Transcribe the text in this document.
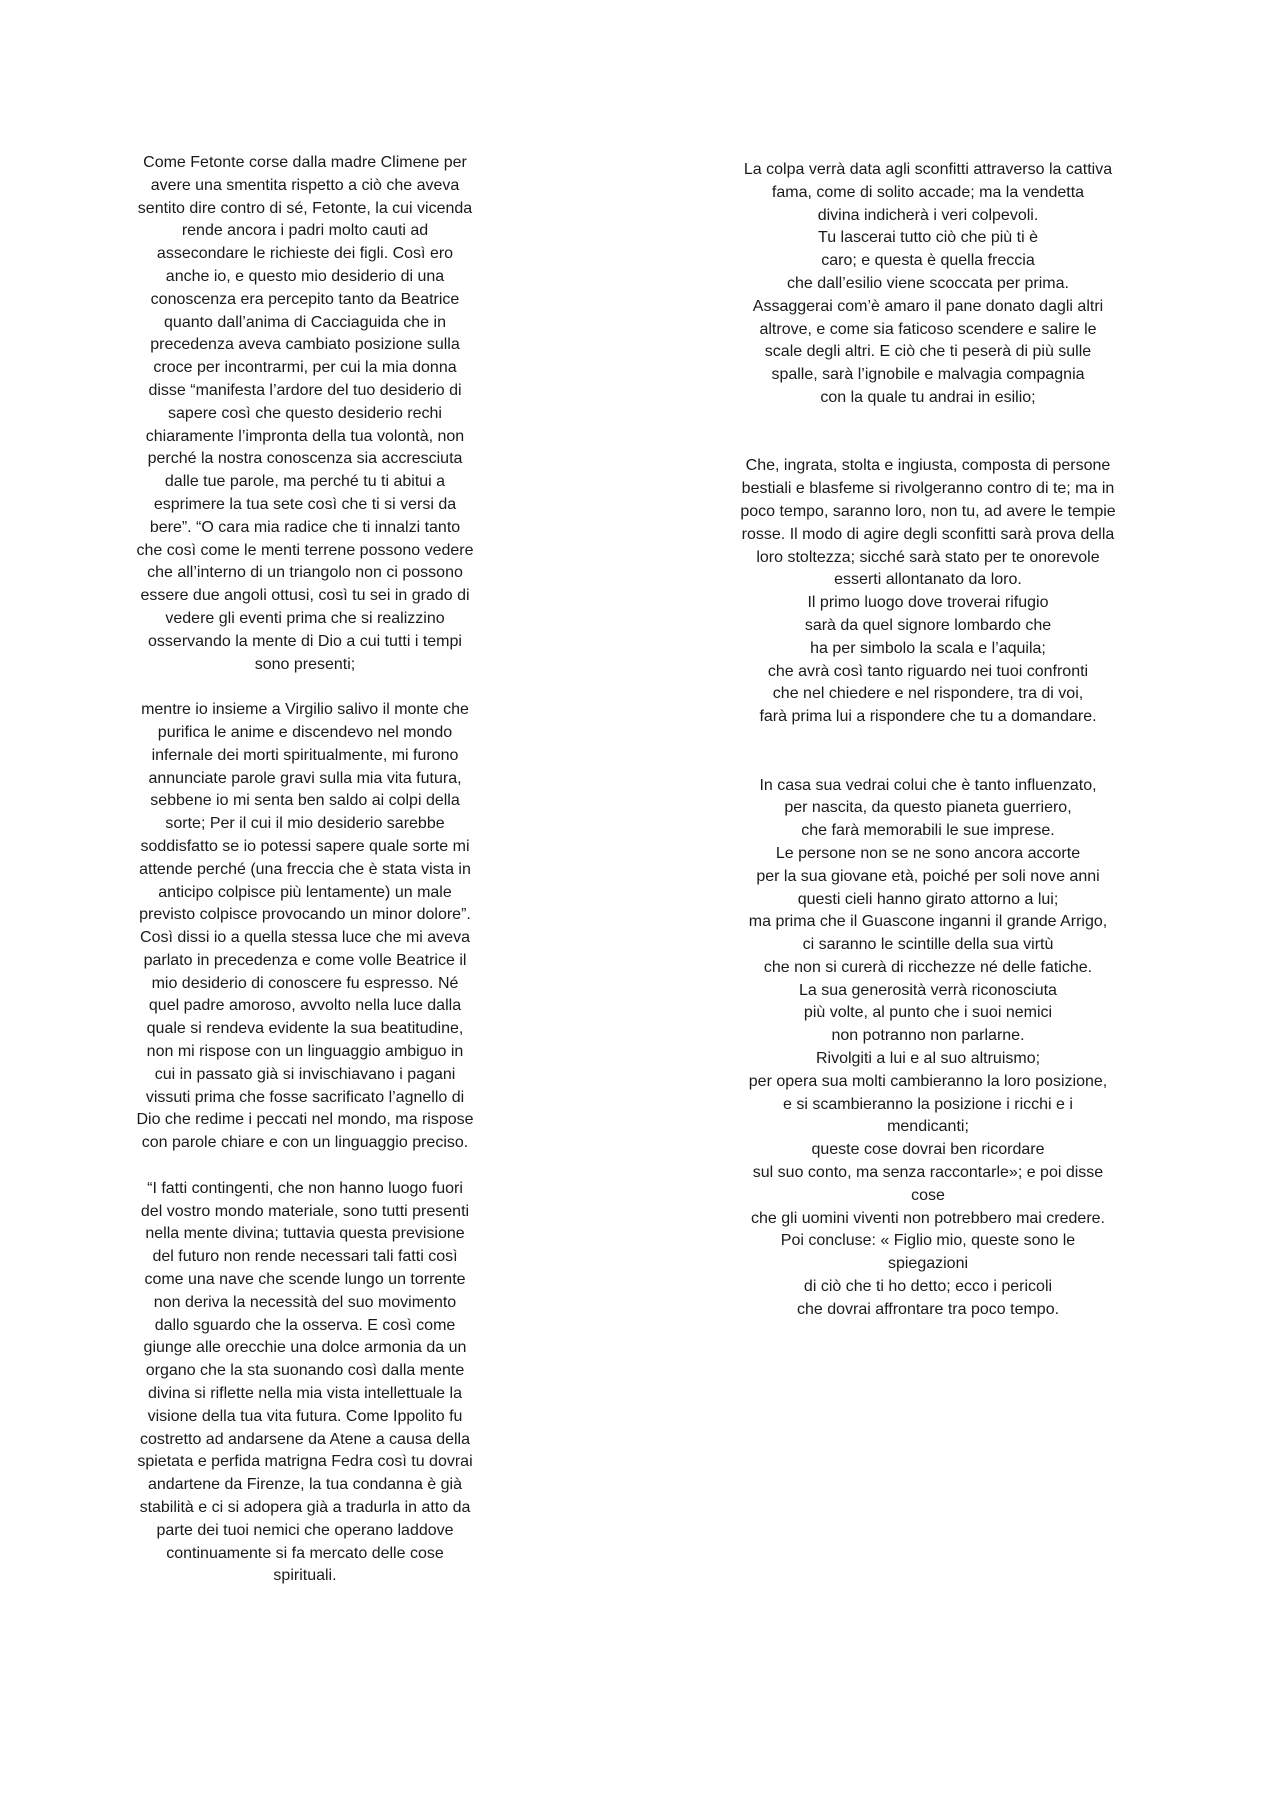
Come Fetonte corse dalla madre Climene per
avere una smentita rispetto a ciò che aveva
sentito dire contro di sé, Fetonte, la cui vicenda
rende ancora i padri molto cauti ad
assecondare le richieste dei figli. Così ero
anche io, e questo mio desiderio di una
conoscenza era percepito tanto da Beatrice
quanto dall’anima di Cacciaguida che in
precedenza aveva cambiato posizione sulla
croce per incontrarmi, per cui la mia donna
disse “manifesta l’ardore del tuo desiderio di
sapere così che questo desiderio rechi
chiaramente l’impronta della tua volontà, non
perché la nostra conoscenza sia accresciuta
dalle tue parole, ma perché tu ti abitui a
esprimere la tua sete così che ti si versi da
bere”. “O cara mia radice che ti innalzi tanto
che così come le menti terrene possono vedere
che all’interno di un triangolo non ci possono
essere due angoli ottusi, così tu sei in grado di
vedere gli eventi prima che si realizzino
osservando la mente di Dio a cui tutti i tempi
sono presenti;

mentre io insieme a Virgilio salivo il monte che
purifica le anime e discendevo nel mondo
infernale dei morti spiritualmente, mi furono
annunciate parole gravi sulla mia vita futura,
sebbene io mi senta ben saldo ai colpi della
sorte; Per il cui il mio desiderio sarebbe
soddisfatto se io potessi sapere quale sorte mi
attende perché (una freccia che è stata vista in
anticipo colpisce più lentamente) un male
previsto colpisce provocando un minor dolore”.
Così dissi io a quella stessa luce che mi aveva
parlato in precedenza e come volle Beatrice il
mio desiderio di conoscere fu espresso. Né
quel padre amoroso, avvolto nella luce dalla
quale si rendeva evidente la sua beatitudine,
non mi rispose con un linguaggio ambiguo in
cui in passato già si invischiavano i pagani
vissuti prima che fosse sacrificato l’agnello di
Dio che redime i peccati nel mondo, ma rispose
con parole chiare e con un linguaggio preciso.

“I fatti contingenti, che non hanno luogo fuori
del vostro mondo materiale, sono tutti presenti
nella mente divina; tuttavia questa previsione
del futuro non rende necessari tali fatti così
come una nave che scende lungo un torrente
non deriva la necessità del suo movimento
dallo sguardo che la osserva. E così come
giunge alle orecchie una dolce armonia da un
organo che la sta suonando così dalla mente
divina si riflette nella mia vista intellettuale la
visione della tua vita futura. Come Ippolito fu
costretto ad andarsene da Atene a causa della
spietata e perfida matrigna Fedra così tu dovrai
andartene da Firenze, la tua condanna è già
stabilità e ci si adopera già a tradurla in atto da
parte dei tuoi nemici che operano laddove
continuamente si fa mercato delle cose
spirituali.

La colpa verrà data agli sconfitti attraverso la cattiva
fama, come di solito accade; ma la vendetta
divina indicherà i veri colpevoli.
Tu lascerai tutto ciò che più ti è
caro; e questa è quella freccia
che dall’esilio viene scoccata per prima.
Assaggerai com’è amaro il pane donato dagli altri
altrove, e come sia faticoso scendere e salire le
scale degli altri. E ciò che ti peserà di più sulle
spalle, sarà l’ignobile e malvagia compagnia
con la quale tu andrai in esilio;

Che, ingrata, stolta e ingiusta, composta di persone
bestiali e blasfeme si rivolgeranno contro di te; ma in
poco tempo, saranno loro, non tu, ad avere le tempie
rosse. Il modo di agire degli sconfitti sarà prova della
loro stoltezza; sicché sarà stato per te onorevole
esserti allontanato da loro.
Il primo luogo dove troverai rifugio
sarà da quel signore lombardo che
ha per simbolo la scala e l’aquila;
che avrà così tanto riguardo nei tuoi confronti
che nel chiedere e nel rispondere, tra di voi,
farà prima lui a rispondere che tu a domandare.

In casa sua vedrai colui che è tanto influenzato,
per nascita, da questo pianeta guerriero,
che farà memorabili le sue imprese.
Le persone non se ne sono ancora accorte
per la sua giovane età, poiché per soli nove anni
questi cieli hanno girato attorno a lui;
ma prima che il Guascone inganni il grande Arrigo,
ci saranno le scintille della sua virtù
che non si curerà di ricchezze né delle fatiche.
La sua generosità verrà riconosciuta
più volte, al punto che i suoi nemici
non potranno non parlarne.
Rivolgiti a lui e al suo altruismo;
per opera sua molti cambieranno la loro posizione,
e si scambieranno la posizione i ricchi e i
mendicanti;
queste cose dovrai ben ricordare
sul suo conto, ma senza raccontarle»; e poi disse
cose
che gli uomini viventi non potrebbero mai credere.
Poi concluse: « Figlio mio, queste sono le
spiegazioni
di ciò che ti ho detto; ecco i pericoli
che dovrai affrontare tra poco tempo.
